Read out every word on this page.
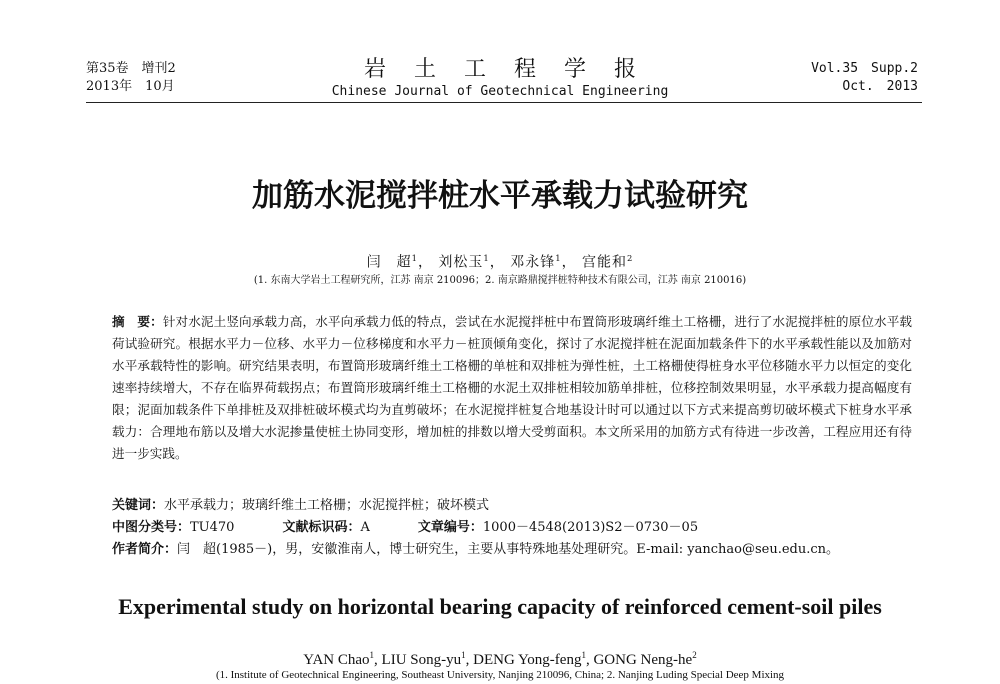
第35卷　增刊2
2013年　10月
岩土工程学报
Chinese Journal of Geotechnical Engineering
Vol.35　Supp.2
Oct.　2013
加筋水泥搅拌桩水平承载力试验研究
闫　超$^1$， 刘松玉$^1$， 邓永锋$^1$， 宫能和$^2$
(1. 东南大学岩土工程研究所，江苏 南京 210096；2. 南京路鼎搅拌桩特种技术有限公司，江苏 南京 210016)
摘　要：针对水泥土竖向承载力高，水平向承载力低的特点，尝试在水泥搅拌桩中布置筒形玻璃纤维土工格栅，进行了水泥搅拌桩的原位水平载荷试验研究。根据水平力－位移、水平力－位移梯度和水平力－桩顶倾角变化，探讨了水泥搅拌桩在泥面加载条件下的水平承载性能以及加筋对水平承载特性的影响。研究结果表明，布置筒形玻璃纤维土工格栅的单桩和双排桩为弹性桩，土工格栅使得桩身水平位移随水平力以恒定的变化速率持续增大，不存在临界荷载拐点；布置筒形玻璃纤维土工格栅的水泥土双排桩相较加筋单排桩，位移控制效果明显，水平承载力提高幅度有限；泥面加载条件下单排桩及双排桩破坏模式均为直剪破坏；在水泥搅拌桩复合地基设计时可以通过以下方式来提高剪切破坏模式下桩身水平承载力：合理地布筋以及增大水泥掺量使桩土协同变形，增加桩的排数以增大受剪面积。本文所采用的加筋方式有待进一步改善，工程应用还有待进一步实践。
关键词：水平承载力；玻璃纤维土工格栅；水泥搅拌桩；破坏模式
中图分类号：TU470	文献标识码：A	文章编号：1000－4548(2013)S2－0730－05
作者简介：闫　超(1985－)，男，安徽淮南人，博士研究生，主要从事特殊地基处理研究。E-mail: yanchao@seu.edu.cn。
Experimental study on horizontal bearing capacity of reinforced cement-soil piles
YAN Chao$^1$, LIU Song-$yu^1$, DENG Yong-feng$^1$, GONG Neng-$he^2$
(1. Institute of Geotechnical Engineering, Southeast University, Nanjing 210096, China; 2. Nanjing Luding Special Deep Mixing
